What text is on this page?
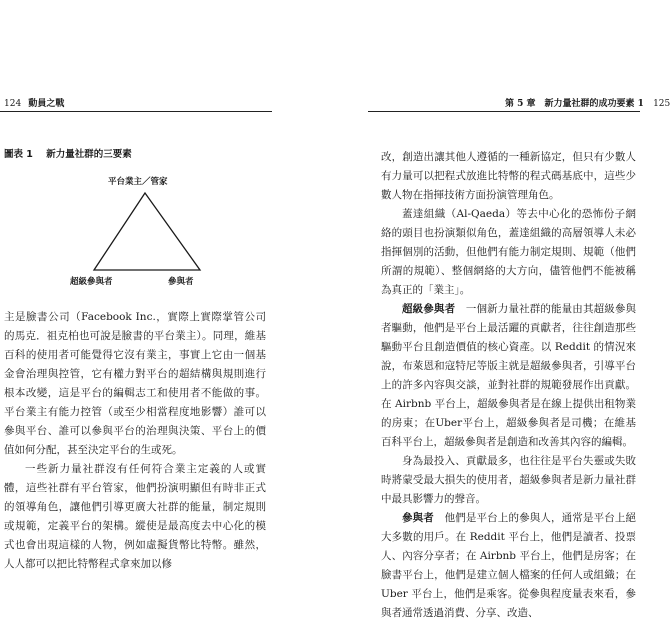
124 動員之戰	第 5 章　新力量社群的成功要素 1 125
圖表 1 新力量社群的三要素
平台業主／管家
超級參與者	參與者

主是臉書公司（Facebook Inc.，實際上實際掌管公司的馬克．祖克柏也可說是臉書的平台業主）。同理，維基百科的使用者可能覺得它沒有業主，事實上它由一個基金會治理與控管，它有權力對平台的超結構與規則進行根本改變，這是平台的編輯志工和使用者不能做的事。平台業主有能力控管（或至少相當程度地影響）誰可以參與平台、誰可以參與平台的治理與決策、平台上的價值如何分配，甚至決定平台的生或死。

一些新力量社群沒有任何符合業主定義的人或實體，這些社群有平台管家，他們扮演明顯但有時非正式的領導角色，讓他們引導更廣大社群的能量，制定規則或規範，定義平台的架構。縱使是最高度去中心化的模式也會出現這樣的人物，例如虛擬貨幣比特幣。雖然，人人都可以把比特幣程式拿來加以修

改，創造出讓其他人遵循的一種新協定，但只有少數人有力量可以把程式放進比特幣的程式碼基底中，這些少數人物在指揮技術方面扮演管理角色。

蓋達組織（Al-Qaeda）等去中心化的恐怖份子網絡的頭目也扮演類似角色，蓋達組織的高層領導人未必指揮個別的活動，但他們有能力制定規則、規範（他們所謂的規範）、整個網絡的大方向，儘管他們不能被稱為真正的「業主」。

超級參與者　 一個新力量社群的能量由其超級參與者驅動，他們是平台上最活躍的貢獻者，往往創造那些驅動平台且創造價值的核心資產。以 Reddit 的情況來說，布萊恩和寇特尼等版主就是超級參與者，引導平台上的許多內容與交談，並對社群的規範發展作出貢獻。在 Airbnb 平台上，超級參與者是在線上提供出租物業的房東；在Uber平台上，超級參與者是司機；在維基百科平台上，超級參與者是創造和改善其內容的編輯。

身為最投入、貢獻最多，也往往是平台失靈或失敗時將蒙受最大損失的使用者，超級參與者是新力量社群中最具影響力的聲音。

參與者　 他們是平台上的參與人，通常是平台上絕大多數的用戶。在 Reddit 平台上，他們是讀者、投票人、內容分享者；在 Airbnb 平台上，他們是房客；在臉書平台上，他們是建立個人檔案的任何人或組織；在 Uber 平台上，他們是乘客。從參與程度量表來看，參與者通常透過消費、分享、改造、
